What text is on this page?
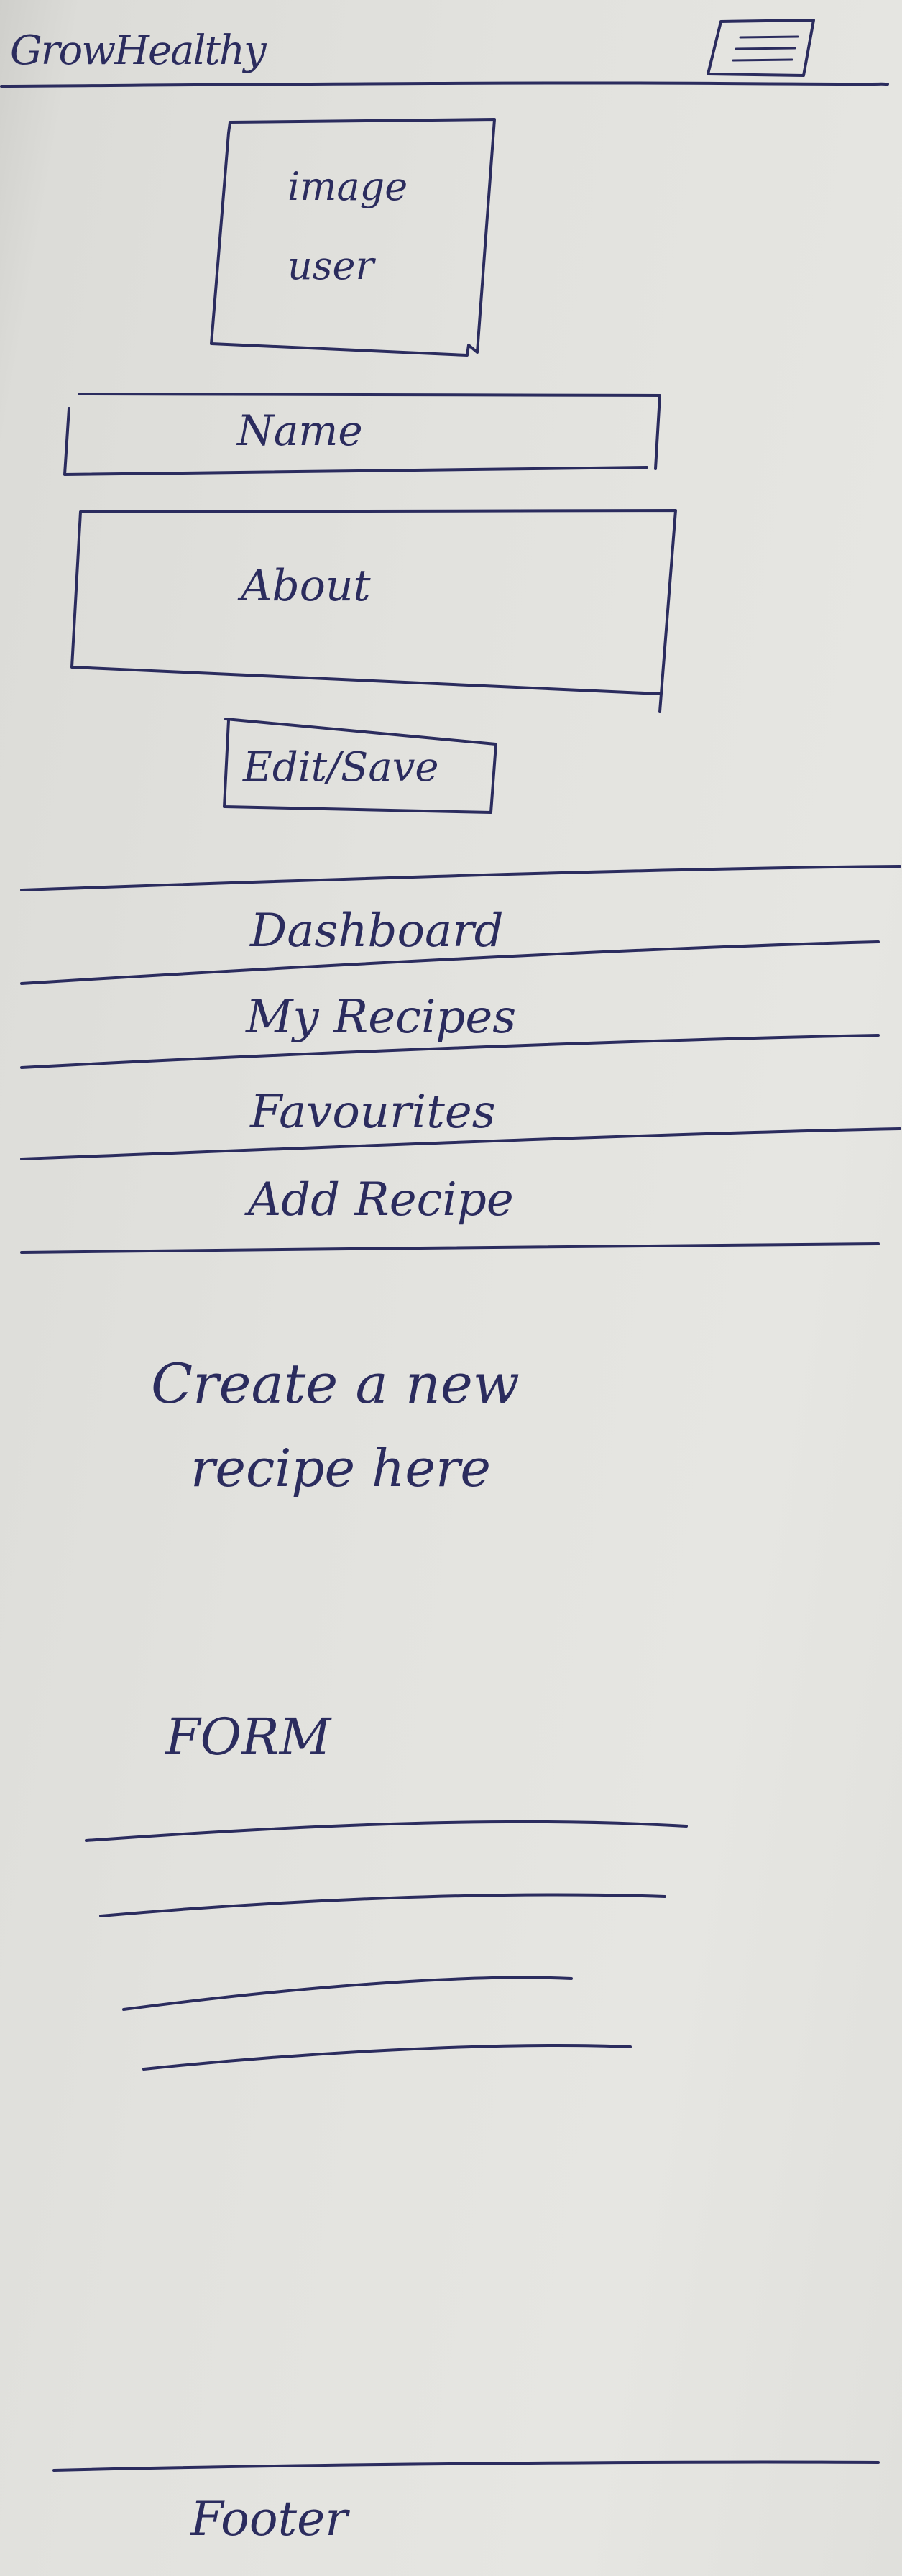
GrowHealthy
image
user
Name
About
Edit/Save
Dashboard
My Recipes
Favourites
Add Recipe
Create a new
recipe here
FORM
Footer
